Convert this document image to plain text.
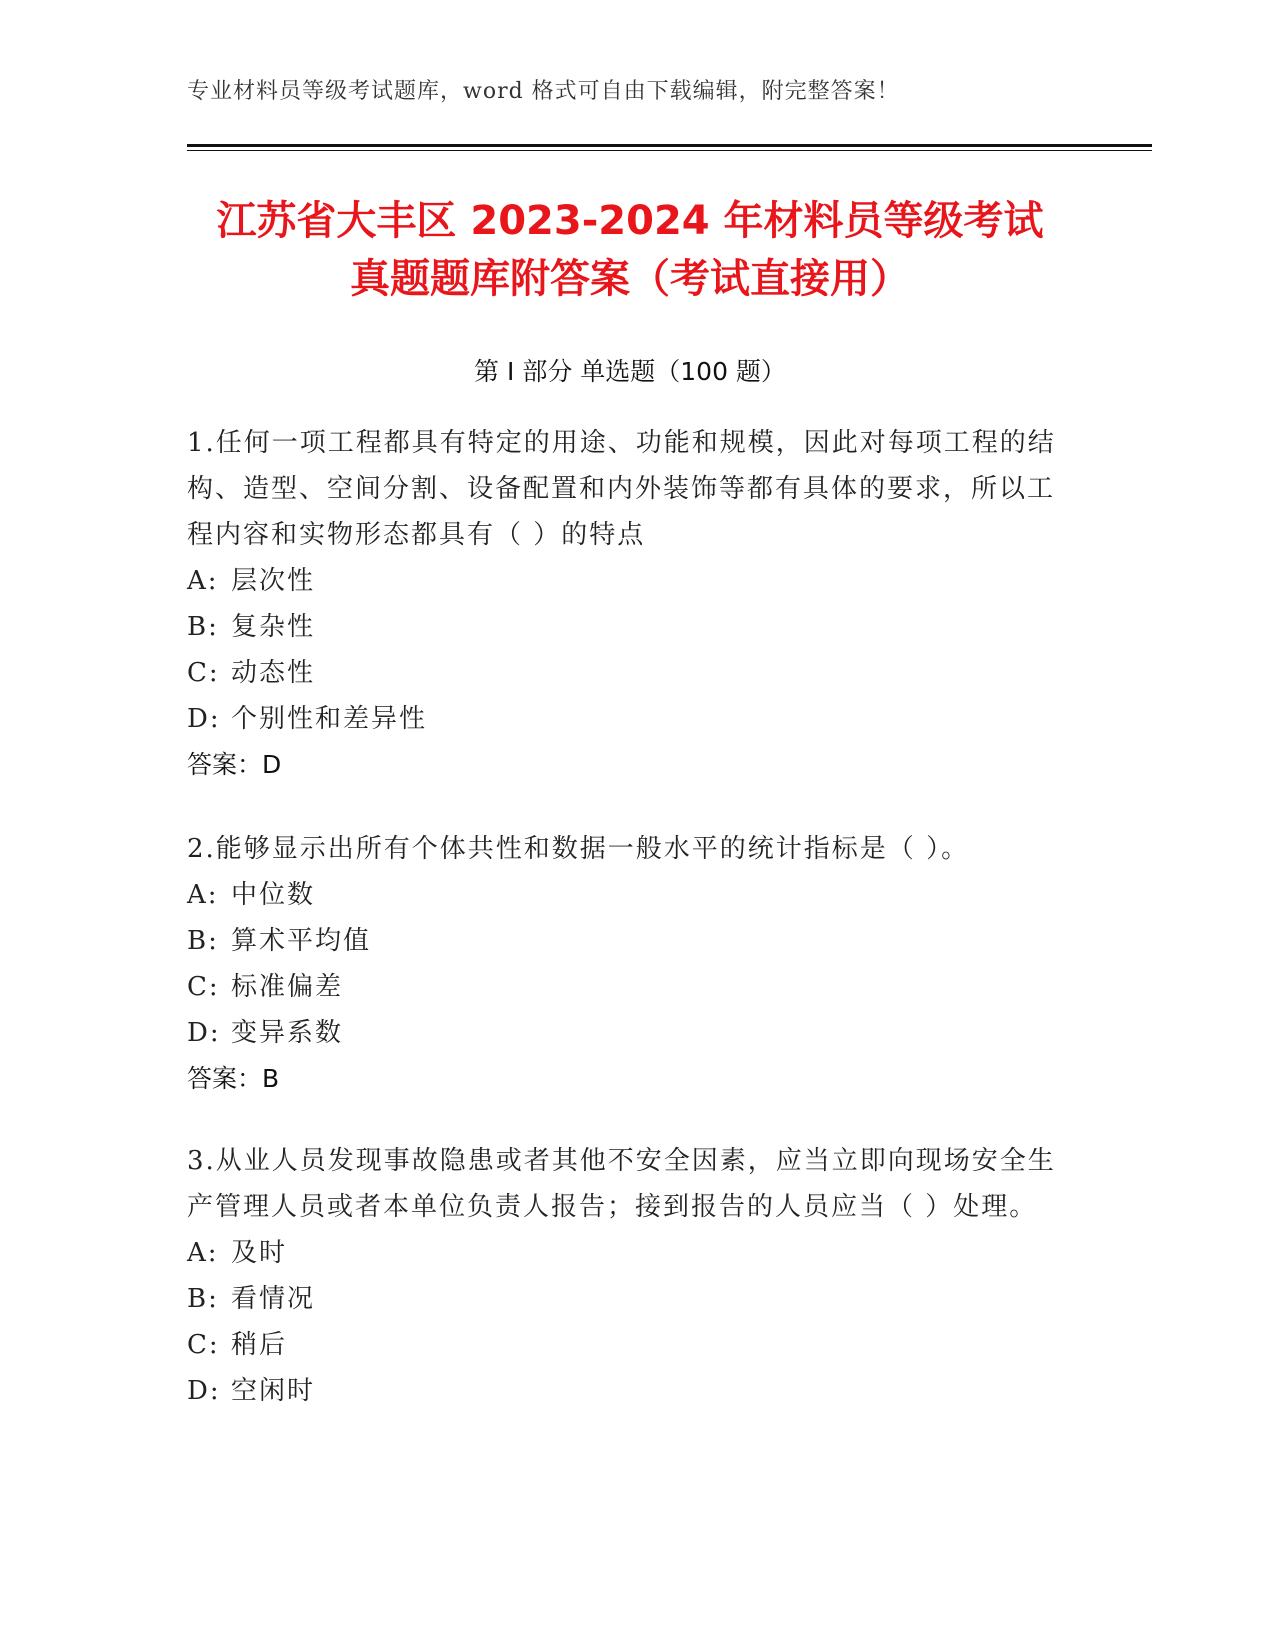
专业材料员等级考试题库，word 格式可自由下载编辑，附完整答案！
江苏省大丰区 2023-2024 年材料员等级考试
真题题库附答案（考试直接用）
第 I 部分 单选题（100 题）

1.任何一项工程都具有特定的用途、功能和规模，因此对每项工程的结构、造型、空间分割、设备配置和内外装饰等都有具体的要求，所以工程内容和实物形态都具有（ ）的特点

A: 层次性

B: 复杂性

C: 动态性

D: 个别性和差异性

答案：D

2.能够显示出所有个体共性和数据一般水平的统计指标是（ ）。

A: 中位数

B: 算术平均值

C: 标准偏差

D: 变异系数

答案：B

3.从业人员发现事故隐患或者其他不安全因素，应当立即向现场安全生产管理人员或者本单位负责人报告；接到报告的人员应当（ ）处理。

A: 及时

B: 看情况

C: 稍后

D: 空闲时
